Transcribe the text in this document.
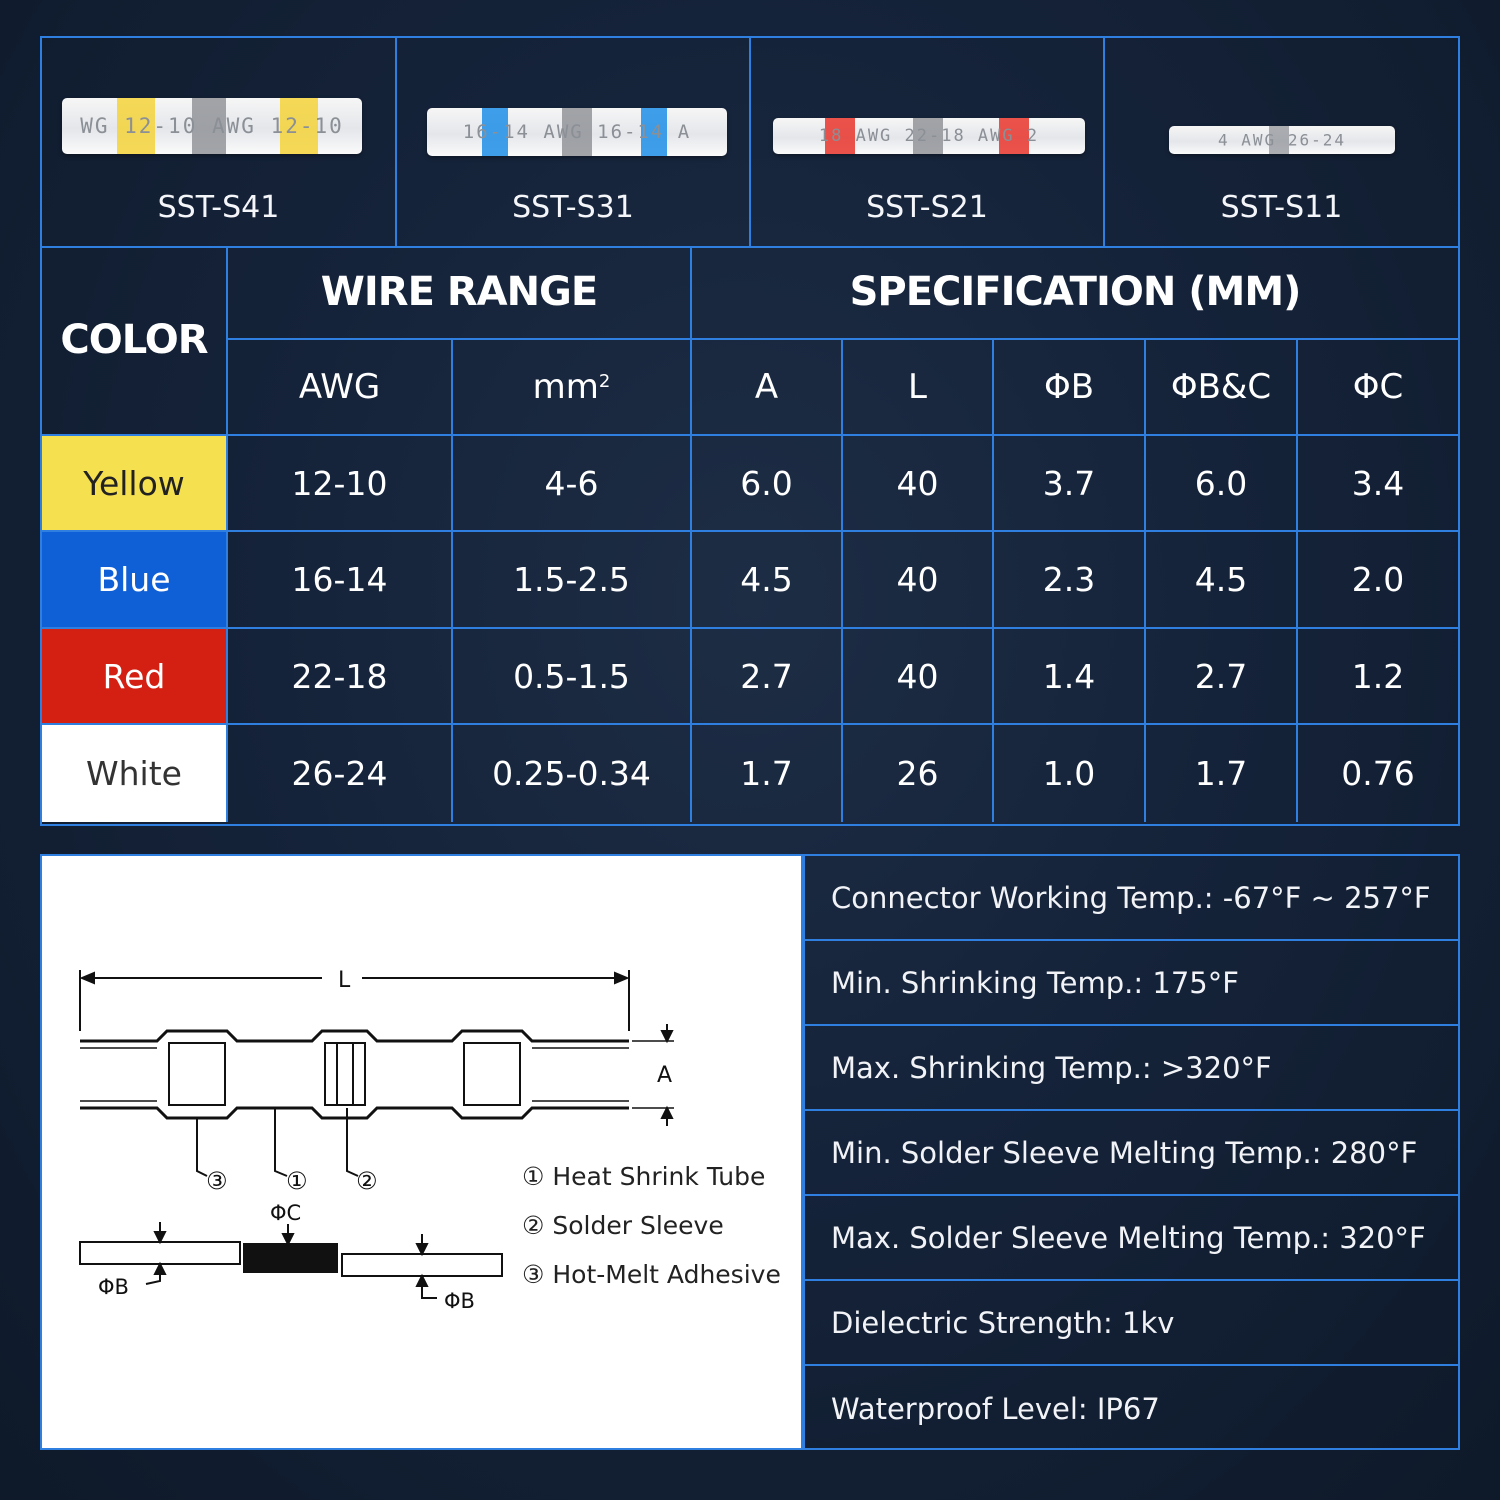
WG 12-10 AWG 12-10
SST-S41
16-14 AWG 16-14 A
SST-S31
18 AWG 22-18 AWG 2
SST-S21
4 AWG 26-24
SST-S11
COLOR
WIRE RANGE	SPECIFICATION (MM)
AWG	mm 2	A	L	ΦB	ΦB&C	ΦC
Yellow	12-10	4-6	6.0	40	3.7	6.0	3.4
Blue	16-14	1.5-2.5	4.5	40	2.3	4.5	2.0
Red	22-18	0.5-1.5	2.7	40	1.4	2.7	1.2
White	26-24	0.25-0.34	1.7	26	1.0	1.7	0.76
L
A
③ ① ②
ΦC
ΦB
ΦB
① Heat Shrink Tube
② Solder Sleeve
③ Hot-Melt Adhesive
Connector Working Temp.: -67°F ~ 257°F
Min. Shrinking Temp.: 175°F
Max. Shrinking Temp.: >320°F
Min. Solder Sleeve Melting Temp.: 280°F
Max. Solder Sleeve Melting Temp.: 320°F
Dielectric Strength: 1kv
Waterproof Level: IP67
